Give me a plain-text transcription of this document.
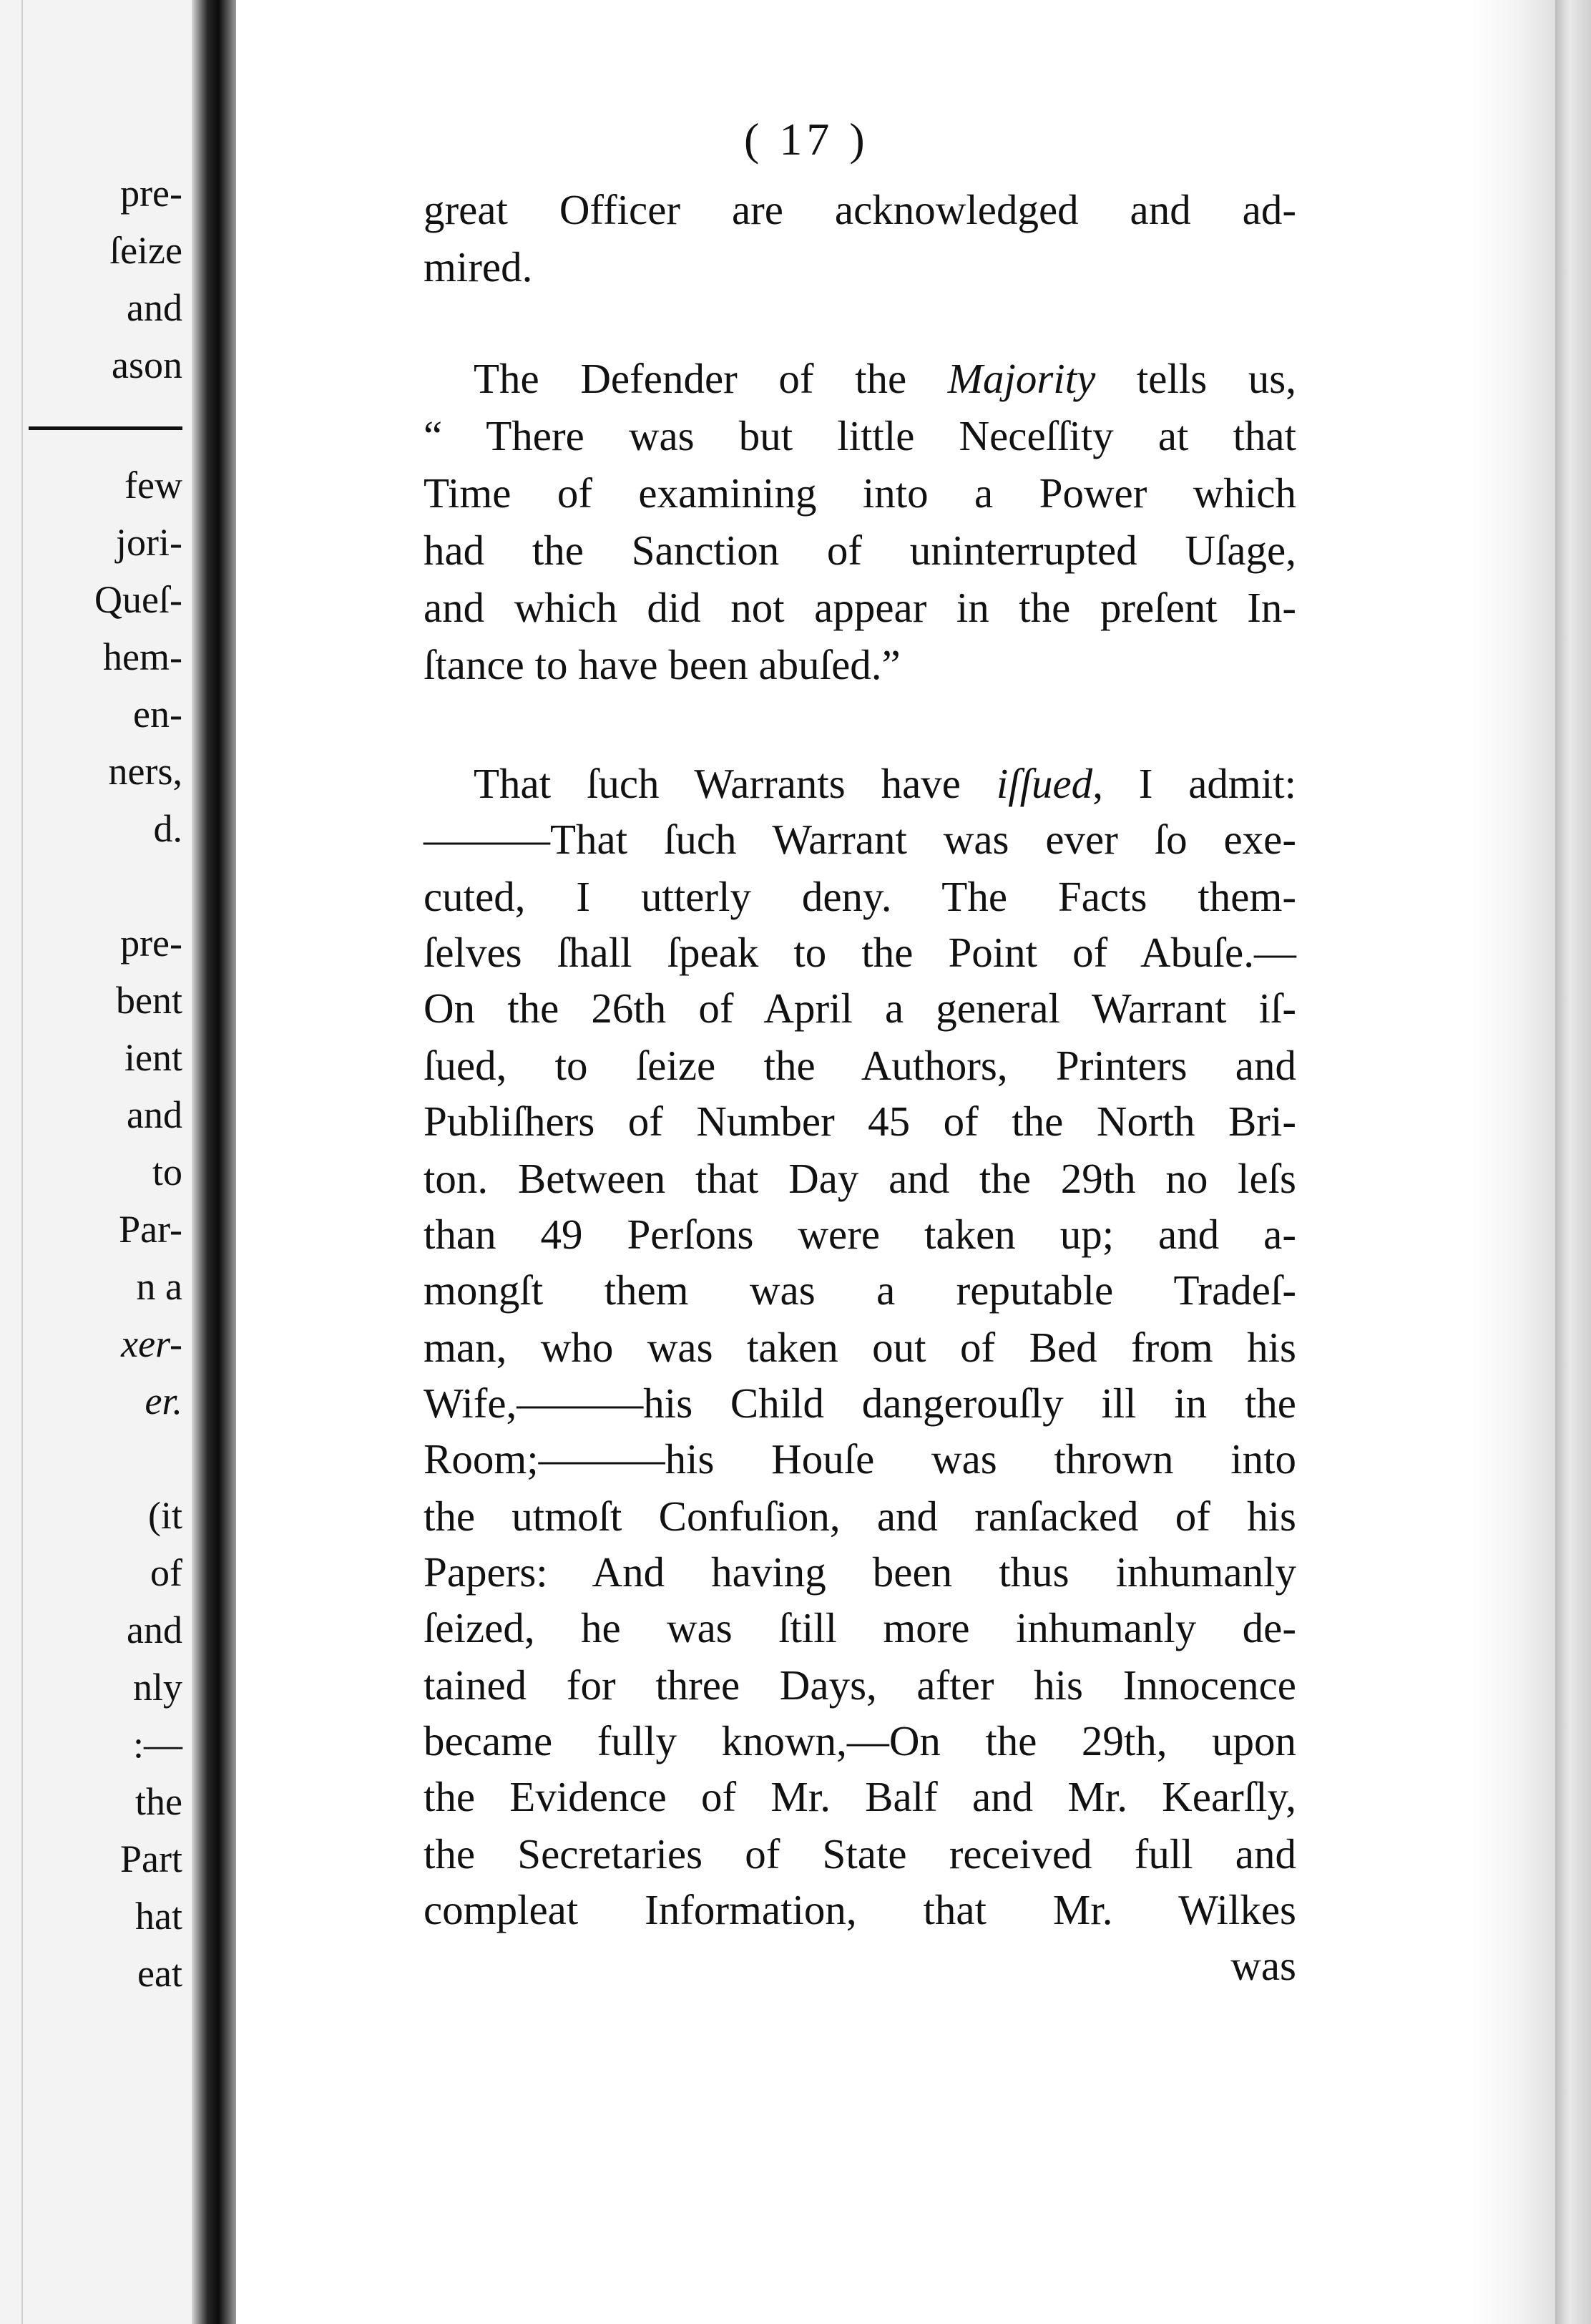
pre-
ſeize
and
ason
few
jori-
Queſ-
hem-
en-
ners,
d.
pre-
bent
ient
and
to
Par-
n a
xer-
er.
(it
of
and
nly
:—
the
Part
hat
eat
( 17 )
great Officer are acknowledged and ad-
mired.
The Defender of the Majority tells us,
“ There was but little Neceſſity at that
Time of examining into a Power which
had the Sanction of uninterrupted Uſage,
and which did not appear in the preſent In-
ſtance to have been abuſed.”
That ſuch Warrants have iſſued, I admit:
———That ſuch Warrant was ever ſo exe-
cuted, I utterly deny. The Facts them-
ſelves ſhall ſpeak to the Point of Abuſe.—
On the 26th of April a general Warrant iſ-
ſued, to ſeize the Authors, Printers and
Publiſhers of Number 45 of the North Bri-
ton. Between that Day and the 29th no leſs
than 49 Perſons were taken up; and a-
mongſt them was a reputable Tradeſ-
man, who was taken out of Bed from his
Wife,———his Child dangerouſly ill in the
Room;———his Houſe was thrown into
the utmoſt Confuſion, and ranſacked of his
Papers: And having been thus inhumanly
ſeized, he was ſtill more inhumanly de-
tained for three Days, after his Innocence
became fully known,—On the 29th, upon
the Evidence of Mr. Balf and Mr. Kearſly,
the Secretaries of State received full and
compleat Information, that Mr. Wilkes
was
